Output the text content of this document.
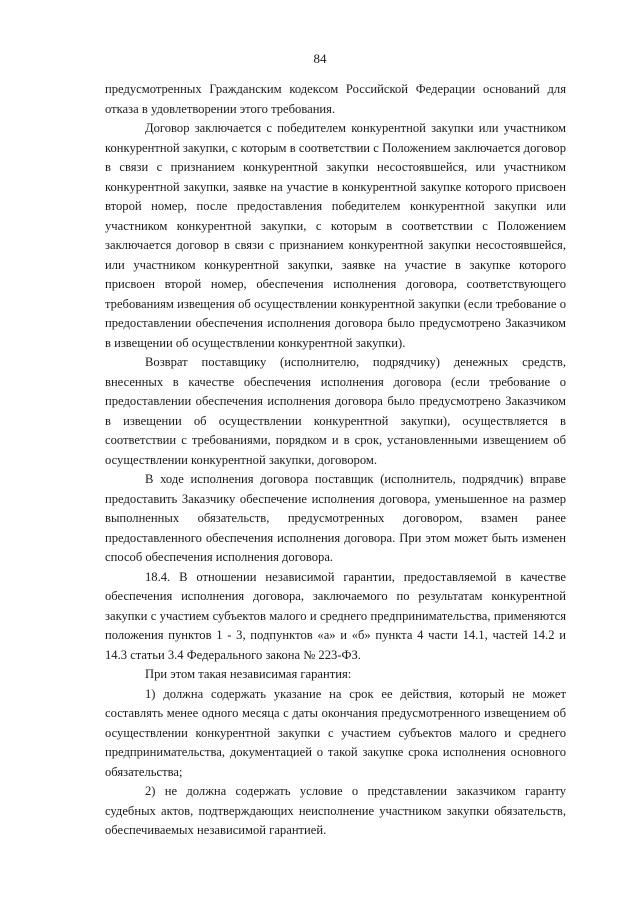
84

предусмотренных Гражданским кодексом Российской Федерации оснований для отказа в удовлетворении этого требования.

Договор заключается с победителем конкурентной закупки или участником конкурентной закупки, с которым в соответствии с Положением заключается договор в связи с признанием конкурентной закупки несостоявшейся, или участником конкурентной закупки, заявке на участие в конкурентной закупке которого присвоен второй номер, после предоставления победителем конкурентной закупки или участником конкурентной закупки, с которым в соответствии с Положением заключается договор в связи с признанием конкурентной закупки несостоявшейся, или участником конкурентной закупки, заявке на участие в закупке которого присвоен второй номер, обеспечения исполнения договора, соответствующего требованиям извещения об осуществлении конкурентной закупки (если требование о предоставлении обеспечения исполнения договора было предусмотрено Заказчиком в извещении об осуществлении конкурентной закупки).

Возврат поставщику (исполнителю, подрядчику) денежных средств, внесенных в качестве обеспечения исполнения договора (если требование о предоставлении обеспечения исполнения договора было предусмотрено Заказчиком в извещении об осуществлении конкурентной закупки), осуществляется в соответствии с требованиями, порядком и в срок, установленными извещением об осуществлении конкурентной закупки, договором.

В ходе исполнения договора поставщик (исполнитель, подрядчик) вправе предоставить Заказчику обеспечение исполнения договора, уменьшенное на размер выполненных обязательств, предусмотренных договором, взамен ранее предоставленного обеспечения исполнения договора. При этом может быть изменен способ обеспечения исполнения договора.

18.4. В отношении независимой гарантии, предоставляемой в качестве обеспечения исполнения договора, заключаемого по результатам конкурентной закупки с участием субъектов малого и среднего предпринимательства, применяются положения пунктов 1 - 3, подпунктов «а» и «б» пункта 4 части 14.1, частей 14.2 и 14.3 статьи 3.4 Федерального закона № 223-ФЗ.

При этом такая независимая гарантия:

1) должна содержать указание на срок ее действия, который не может составлять менее одного месяца с даты окончания предусмотренного извещением об осуществлении конкурентной закупки с участием субъектов малого и среднего предпринимательства, документацией о такой закупке срока исполнения основного обязательства;

2) не должна содержать условие о представлении заказчиком гаранту судебных актов, подтверждающих неисполнение участником закупки обязательств, обеспечиваемых независимой гарантией.
